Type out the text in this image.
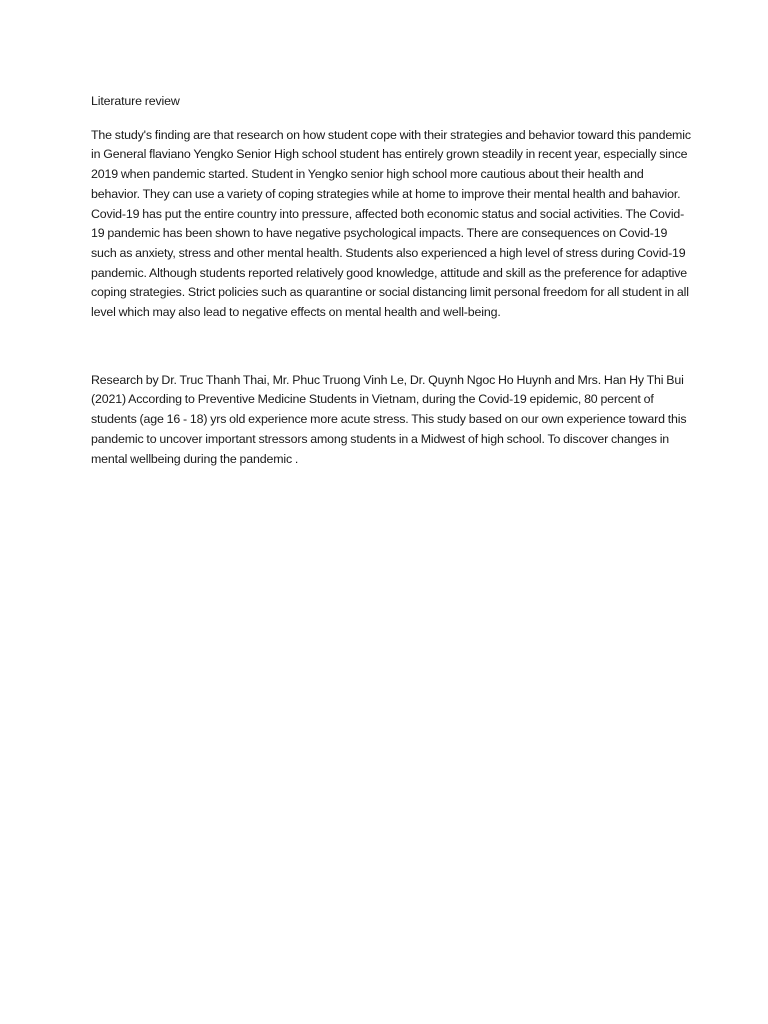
Literature review

The study's finding are that research on how student cope with their strategies and behavior toward this pandemic in General flaviano Yengko Senior High school student has entirely grown steadily in recent year, especially since 2019 when pandemic started. Student in Yengko senior high school more cautious about their health and behavior. They can use a variety of coping strategies while at home to improve their mental health and bahavior. Covid-19 has put the entire country into pressure, affected both economic status and social activities. The Covid-19 pandemic has been shown to have negative psychological impacts. There are consequences on Covid-19 such as anxiety, stress and other mental health. Students also experienced a high level of stress during Covid-19 pandemic. Although students reported relatively good knowledge, attitude and skill as the preference for adaptive coping strategies. Strict policies such as quarantine or social distancing limit personal freedom for all student in all level which may also lead to negative effects on mental health and well-being.

Research by Dr. Truc Thanh Thai, Mr. Phuc Truong Vinh Le, Dr. Quynh Ngoc Ho Huynh and Mrs. Han Hy Thi Bui (2021) According to Preventive Medicine Students in Vietnam, during the Covid-19 epidemic, 80 percent of students (age 16 - 18) yrs old experience more acute stress. This study based on our own experience toward this pandemic to uncover important stressors among students in a Midwest of high school. To discover changes in mental wellbeing during the pandemic .
